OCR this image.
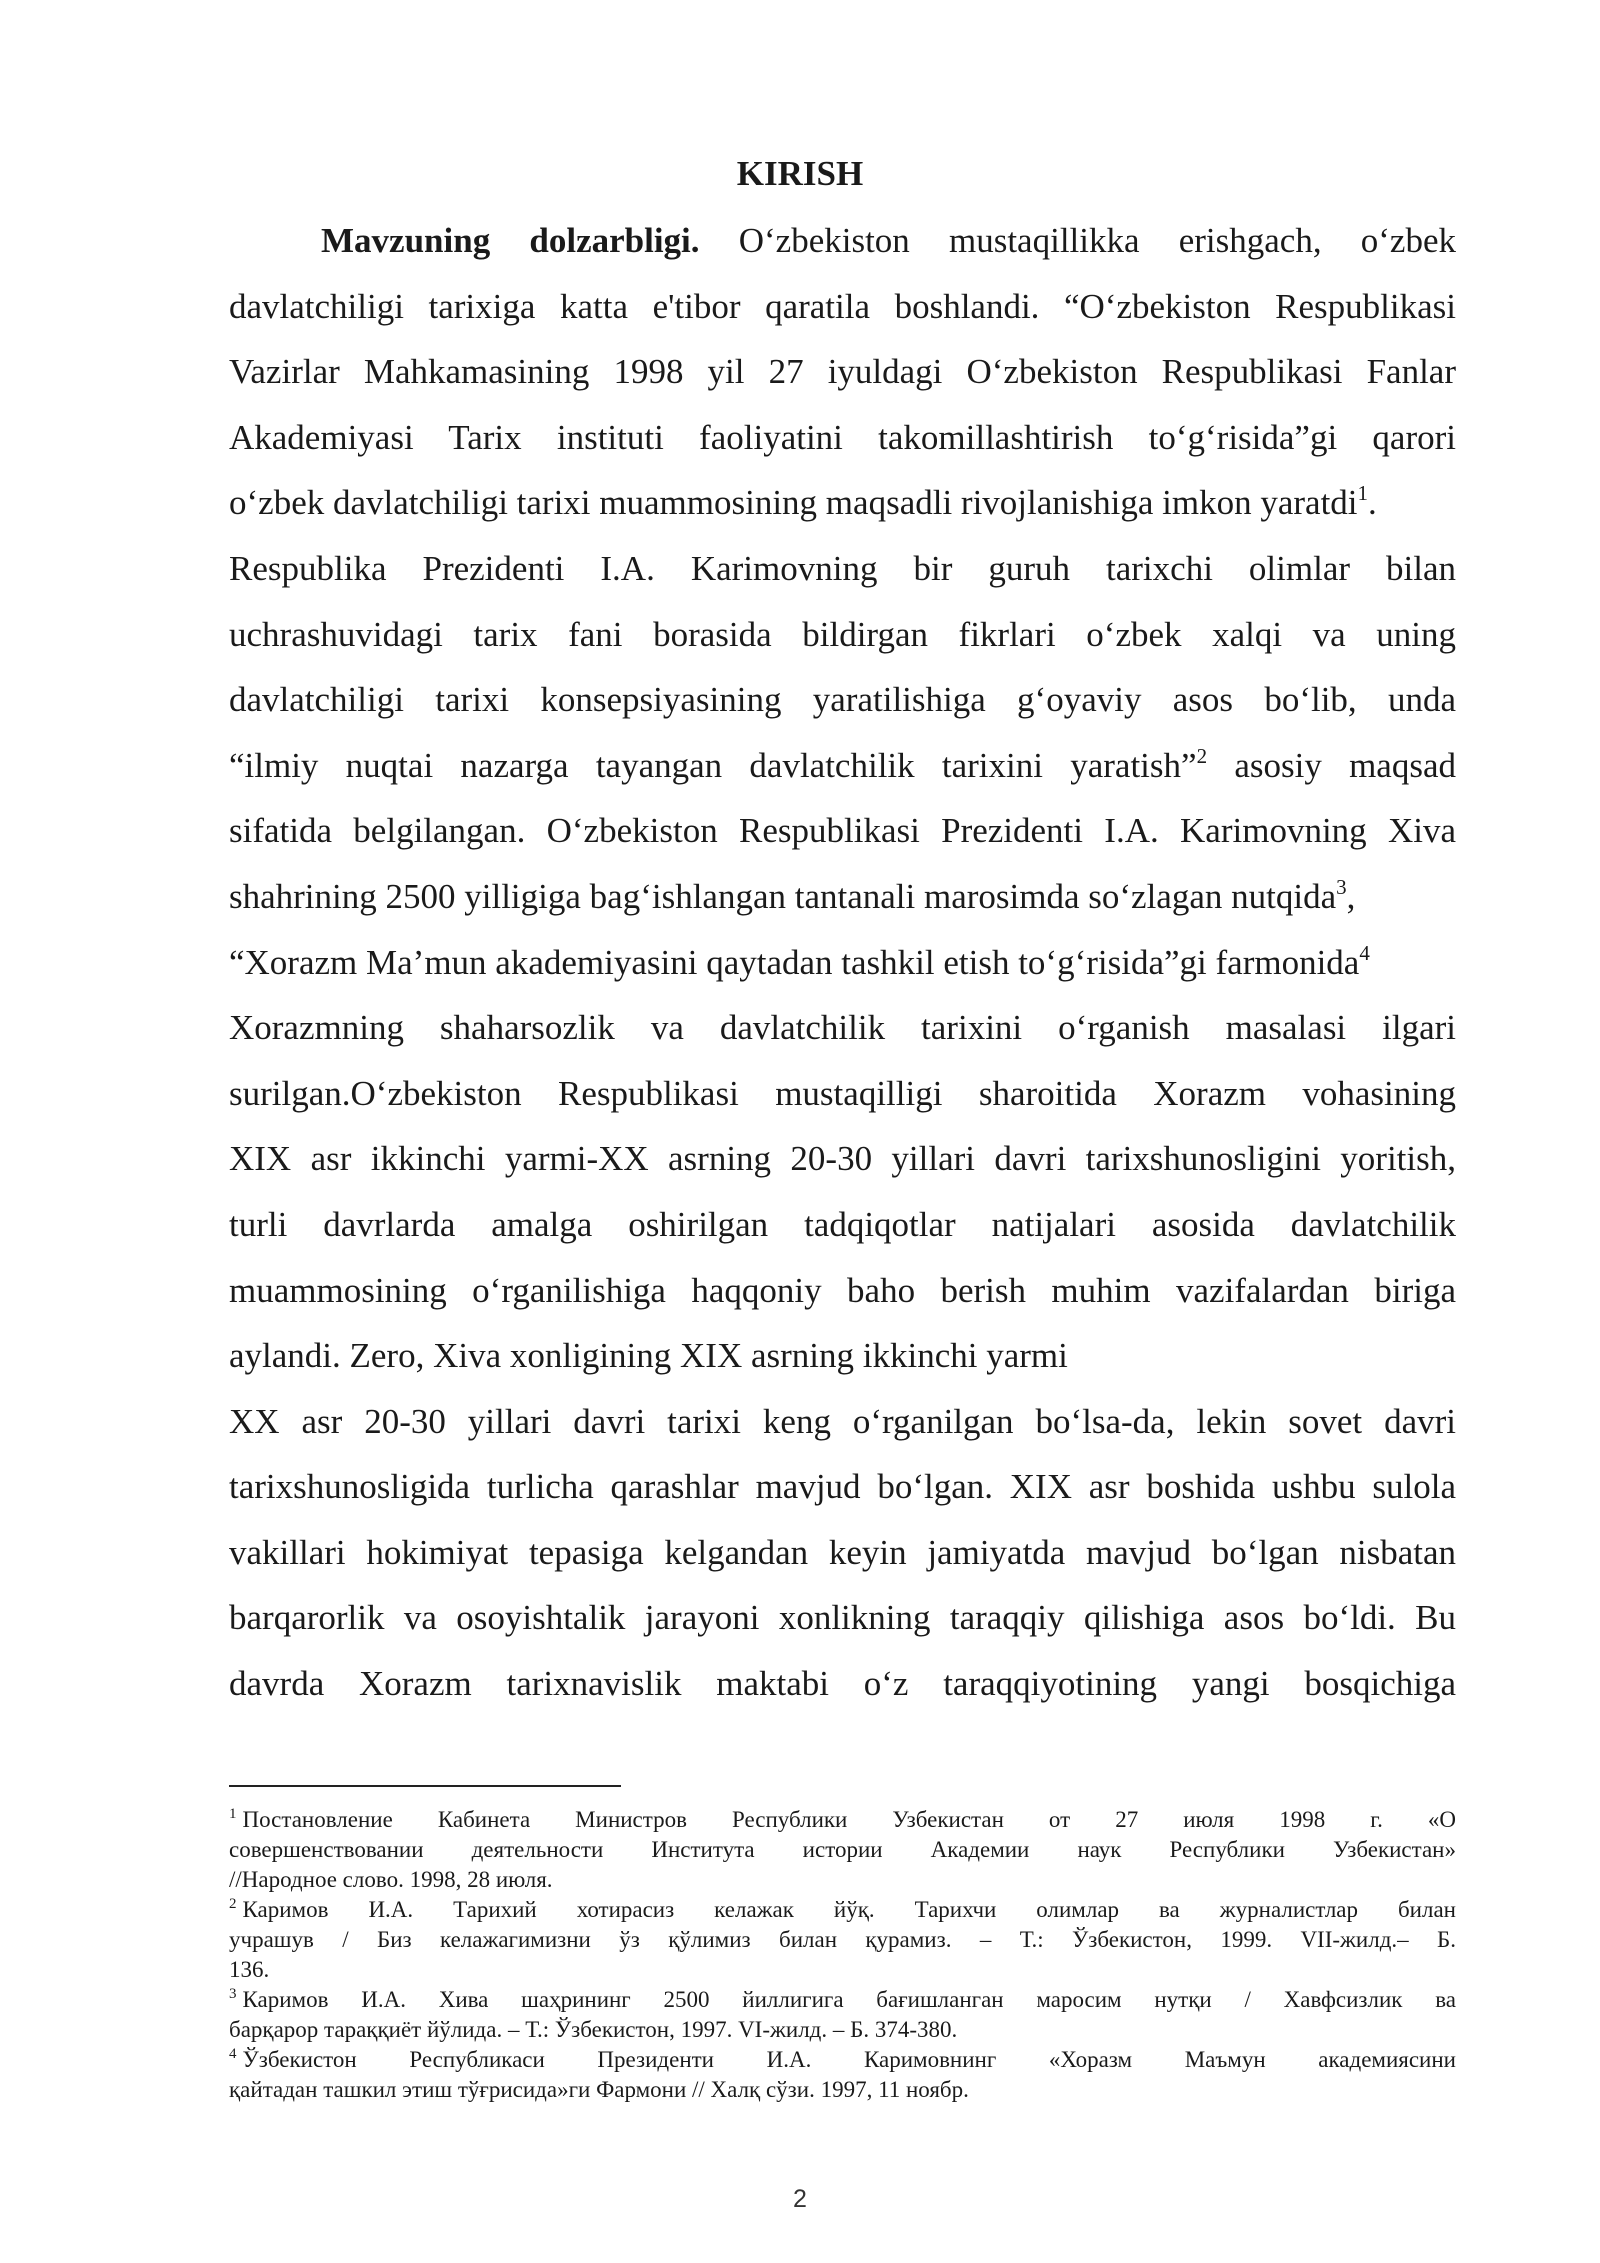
KIRISH
Mavzuning dolzarbligi. O‘zbekiston mustaqillikka erishgach, o‘zbek
davlatchiligi tarixiga katta e'tibor qaratila boshlandi. “O‘zbekiston Respublikasi
Vazirlar Mahkamasining 1998 yil 27 iyuldagi O‘zbekiston Respublikasi Fanlar
Akademiyasi Tarix instituti faoliyatini takomillashtirish to‘g‘risida”gi qarori
o‘zbek davlatchiligi tarixi muammosining maqsadli rivojlanishiga imkon yaratdi$^1$.
Respublika Prezidenti I.A. Karimovning bir guruh tarixchi olimlar bilan
uchrashuvidagi tarix fani borasida bildirgan fikrlari o‘zbek xalqi va uning
davlatchiligi tarixi konsepsiyasining yaratilishiga g‘oyaviy asos bo‘lib, unda
“ilmiy nuqtai nazarga tayangan davlatchilik tarixini yaratish”$^2$ asosiy maqsad
sifatida belgilangan. O‘zbekiston Respublikasi Prezidenti I.A. Karimovning Xiva
shahrining 2500 yilligiga bag‘ishlangan tantanali marosimda so‘zlagan nutqida$^3$,
“Xorazm Ma’mun akademiyasini qaytadan tashkil etish to‘g‘risida”gi farmonida$^4$
Xorazmning shaharsozlik va davlatchilik tarixini o‘rganish masalasi ilgari
surilgan.O‘zbekiston Respublikasi mustaqilligi sharoitida Xorazm vohasining
XIX asr ikkinchi yarmi-XX asrning 20-30 yillari davri tarixshunosligini yoritish,
turli davrlarda amalga oshirilgan tadqiqotlar natijalari asosida davlatchilik
muammosining o‘rganilishiga haqqoniy baho berish muhim vazifalardan biriga
aylandi. Zero, Xiva xonligining XIX asrning ikkinchi yarmi
XX asr 20-30 yillari davri tarixi keng o‘rganilgan bo‘lsa-da, lekin sovet davri
tarixshunosligida turlicha qarashlar mavjud bo‘lgan. XIX asr boshida ushbu sulola
vakillari hokimiyat tepasiga kelgandan keyin jamiyatda mavjud bo‘lgan nisbatan
barqarorlik va osoyishtalik jarayoni xonlikning taraqqiy qilishiga asos bo‘ldi. Bu
davrda Xorazm tarixnavislik maktabi o‘z taraqqiyotining yangi bosqichiga
$^1$ Постановление Кабинета Министров Республики Узбекистан от 27 июля 1998 г. «О
совершенствовании деятельности Института истории Академии наук Республики Узбекистан»
//Народное слово. 1998, 28 июля.
$^2$ Каримов И.А. Тарихий хотирасиз келажак йўқ. Тарихчи олимлар ва журналистлар билан
учрашув / Биз келажагимизни ўз қўлимиз билан қурамиз. – Т.: Ўзбекистон, 1999. VII-жилд.– Б.
136.
$^3$ Каримов И.А. Хива шаҳрининг 2500 йиллигига бағишланган маросим нутқи / Хавфсизлик ва
барқарор тараққиёт йўлида. – Т.: Ўзбекистон, 1997. VI-жилд. – Б. 374-380.
$^4$ Ўзбекистон Республикаси Президенти И.А. Каримовнинг «Хоразм Маъмун академиясини
қайтадан ташкил этиш тўғрисида»ги Фармони // Халқ сўзи. 1997, 11 ноябр.
2
